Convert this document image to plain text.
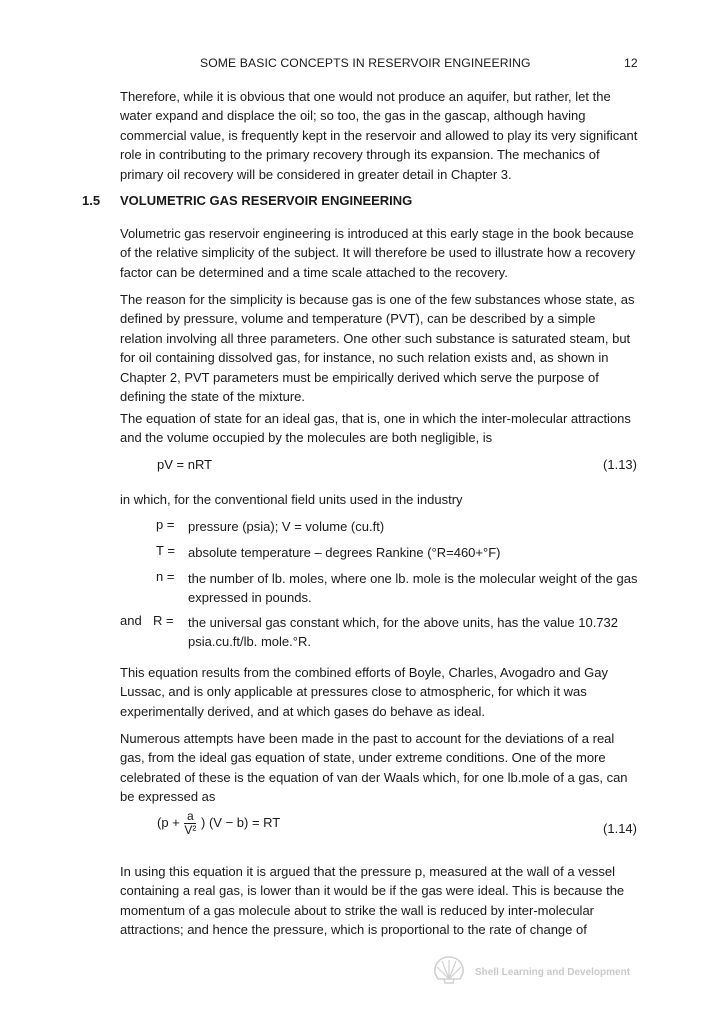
SOME BASIC CONCEPTS IN RESERVOIR ENGINEERING	12

Therefore, while it is obvious that one would not produce an aquifer, but rather, let the water expand and displace the oil; so too, the gas in the gascap, although having commercial value, is frequently kept in the reservoir and allowed to play its very significant role in contributing to the primary recovery through its expansion. The mechanics of primary oil recovery will be considered in greater detail in Chapter 3.

1.5 VOLUMETRIC GAS RESERVOIR ENGINEERING

Volumetric gas reservoir engineering is introduced at this early stage in the book because of the relative simplicity of the subject. It will therefore be used to illustrate how a recovery factor can be determined and a time scale attached to the recovery.

The reason for the simplicity is because gas is one of the few substances whose state, as defined by pressure, volume and temperature (PVT), can be described by a simple relation involving all three parameters. One other such substance is saturated steam, but for oil containing dissolved gas, for instance, no such relation exists and, as shown in Chapter 2, PVT parameters must be empirically derived which serve the purpose of defining the state of the mixture.

The equation of state for an ideal gas, that is, one in which the inter-molecular attractions and the volume occupied by the molecules are both negligible, is

pV = nRT	(1.13)

in which, for the conventional field units used in the industry

p = pressure (psia); V = volume (cu.ft)
T = absolute temperature – degrees Rankine (°R=460+°F)
n = the number of lb. moles, where one lb. mole is the molecular weight of the gas expressed in pounds.
and R = the universal gas constant which, for the above units, has the value 10.732 psia.cu.ft/lb. mole.°R.

This equation results from the combined efforts of Boyle, Charles, Avogadro and Gay Lussac, and is only applicable at pressures close to atmospheric, for which it was experimentally derived, and at which gases do behave as ideal.

Numerous attempts have been made in the past to account for the deviations of a real gas, from the ideal gas equation of state, under extreme conditions. One of the more celebrated of these is the equation of van der Waals which, for one lb.mole of a gas, can be expressed as

($p + \frac{a}{\text{V²}}$ ) (V − b) = RT	(1.14)

In using this equation it is argued that the pressure p, measured at the wall of a vessel containing a real gas, is lower than it would be if the gas were ideal. This is because the momentum of a gas molecule about to strike the wall is reduced by inter-molecular attractions; and hence the pressure, which is proportional to the rate of change of

Shell Learning and Development
